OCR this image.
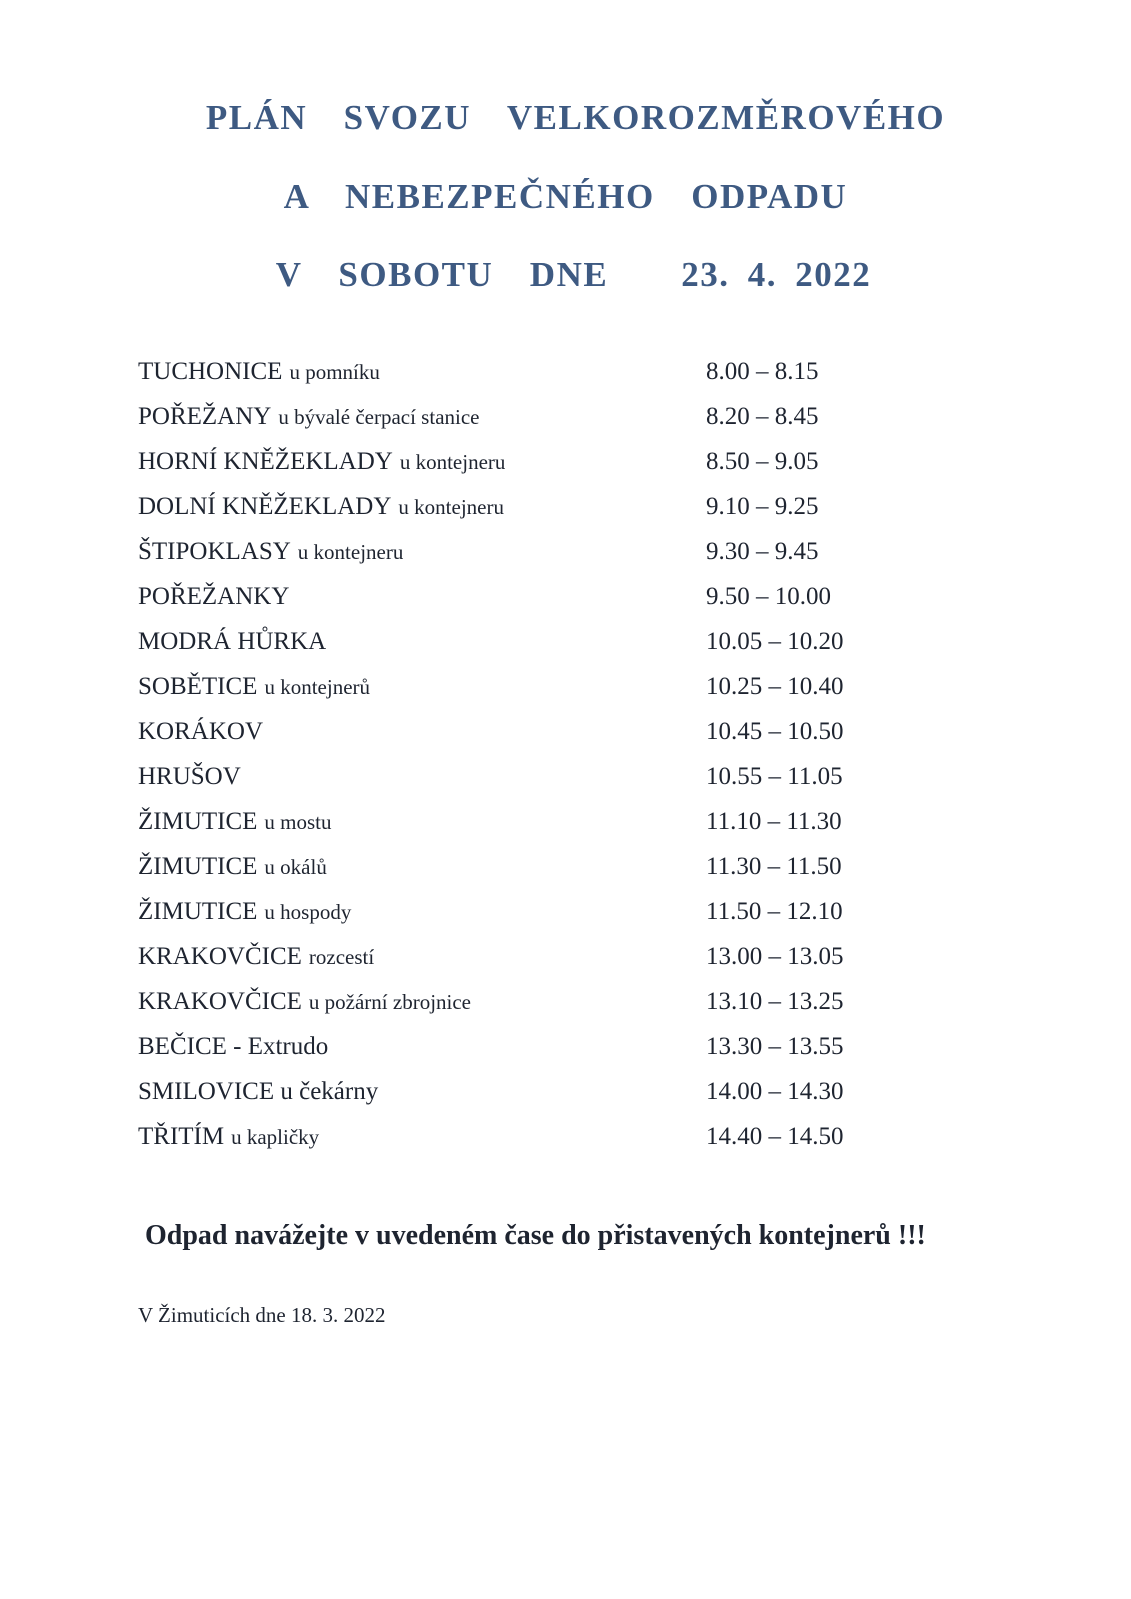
PLÁN  SVOZU  VELKOROZMĚROVÉHO
A  NEBEZPEČNÉHO  ODPADU
V  SOBOTU  DNE    23. 4. 2022
TUCHONICE u pomníku	8.00 – 8.15
POŘEŽANY u bývalé čerpací stanice	8.20 – 8.45
HORNÍ KNĚŽEKLADY u kontejneru	8.50 – 9.05
DOLNÍ KNĚŽEKLADY u kontejneru	9.10 – 9.25
ŠTIPOKLASY u kontejneru	9.30 – 9.45
POŘEŽANKY	9.50 – 10.00
MODRÁ HŮRKA	10.05 – 10.20
SOBĚTICE u kontejnerů	10.25 – 10.40
KORÁKOV	10.45 – 10.50
HRUŠOV	10.55 – 11.05
ŽIMUTICE u mostu	11.10 – 11.30
ŽIMUTICE u okálů	11.30 – 11.50
ŽIMUTICE u hospody	11.50 – 12.10
KRAKOVČICE rozcestí	13.00 – 13.05
KRAKOVČICE u požární zbrojnice	13.10 – 13.25
BEČICE - Extrudo	13.30 – 13.55
SMILOVICE u čekárny	14.00 – 14.30
TŘITÍM u kapličky	14.40 – 14.50
Odpad navážejte v uvedeném čase do přistavených kontejnerů !!!
V Žimuticích dne 18. 3. 2022
